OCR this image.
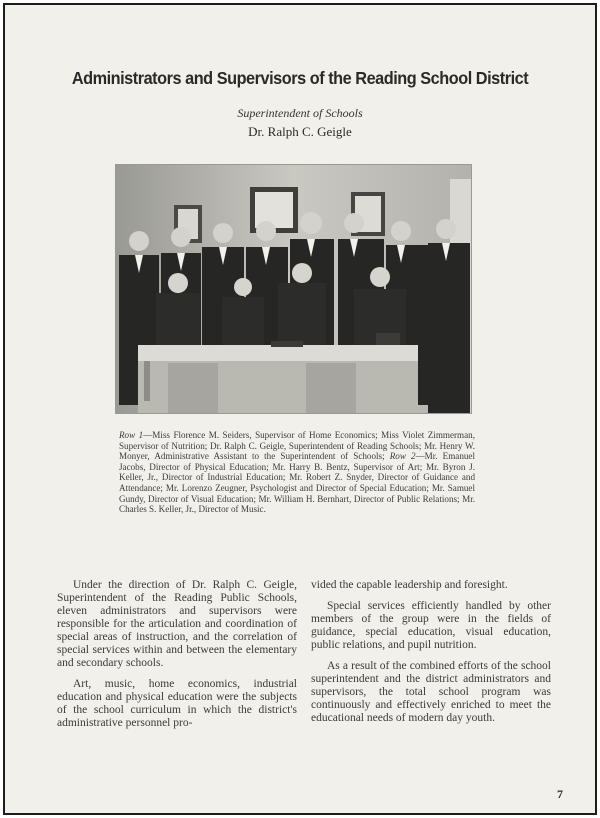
Administrators and Supervisors of the Reading School District
Superintendent of Schools
Dr. Ralph C. Geigle
Row 1—Miss Florence M. Seiders, Supervisor of Home Economics; Miss Violet Zimmerman, Supervisor of Nutrition; Dr. Ralph C. Geigle, Superintendent of Reading Schools; Mr. Henry W. Monyer, Administrative Assistant to the Superintendent of Schools; Row 2—Mr. Emanuel Jacobs, Director of Physical Education; Mr. Harry B. Bentz, Supervisor of Art; Mr. Byron J. Keller, Jr., Director of Industrial Education; Mr. Robert Z. Snyder, Director of Guidance and Attendance; Mr. Lorenzo Zeugner, Psychologist and Director of Special Education; Mr. Samuel Gundy, Director of Visual Education; Mr. William H. Bernhart, Director of Public Relations; Mr. Charles S. Keller, Jr., Director of Music.

Under the direction of Dr. Ralph C. Geigle, Superintendent of the Reading Public Schools, eleven administrators and supervisors were responsible for the articulation and coordination of special areas of instruction, and the correlation of special services within and between the elementary and secondary schools.

Art, music, home economics, industrial education and physical education were the subjects of the school curriculum in which the district's administrative personnel pro-

vided the capable leadership and foresight.

Special services efficiently handled by other members of the group were in the fields of guidance, special education, visual education, public relations, and pupil nutrition.

As a result of the combined efforts of the school superintendent and the district administrators and supervisors, the total school program was continuously and effectively enriched to meet the educational needs of modern day youth.

7
